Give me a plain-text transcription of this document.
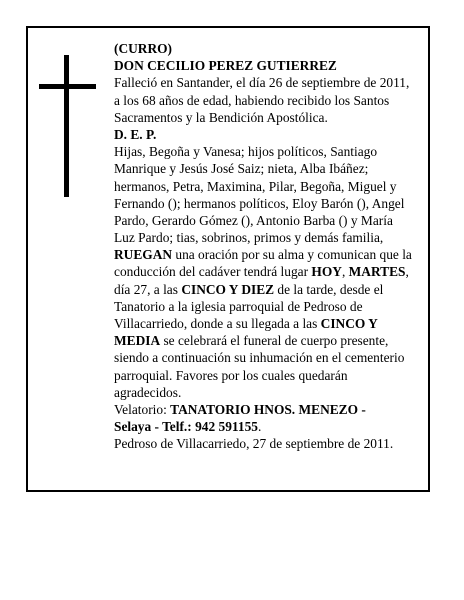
(CURRO)
DON CECILIO PEREZ GUTIERREZ
Falleció en Santander, el día 26 de septiembre de 2011,
a los 68 años de edad, habiendo recibido los Santos
Sacramentos y la Bendición Apostólica.
D. E. P.
Hijas, Begoña y Vanesa; hijos políticos, Santiago
Manrique y Jesús José Saiz; nieta, Alba Ibáñez;
hermanos, Petra, Maximina, Pilar, Begoña, Miguel y
Fernando (); hermanos políticos, Eloy Barón (), Angel
Pardo, Gerardo Gómez (), Antonio Barba () y María
Luz Pardo; tias, sobrinos, primos y demás familia,
RUEGAN una oración por su alma y comunican que la
conducción del cadáver tendrá lugar HOY, MARTES,
día 27, a las CINCO Y DIEZ de la tarde, desde el
Tanatorio a la iglesia parroquial de Pedroso de
Villacarriedo, donde a su llegada a las CINCO Y
MEDIA se celebrará el funeral de cuerpo presente,
siendo a continuación su inhumación en el cementerio
parroquial. Favores por los cuales quedarán
agradecidos.
Velatorio: TANATORIO HNOS. MENEZO -
Selaya - Telf.: 942 591155.
Pedroso de Villacarriedo, 27 de septiembre de 2011.
